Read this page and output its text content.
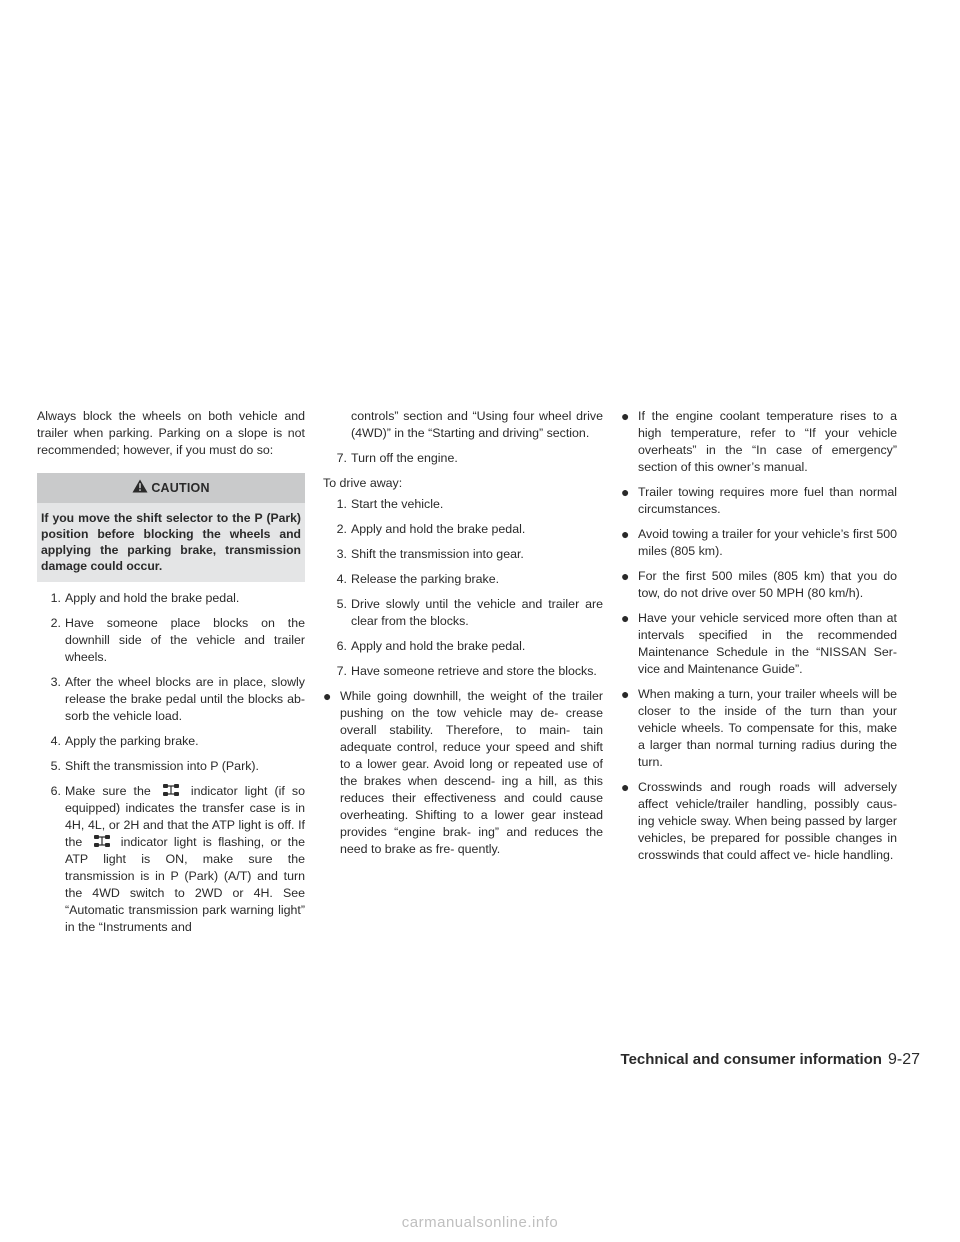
Always block the wheels on both vehicle and trailer when parking. Parking on a slope is not recommended; however, if you must do so:

CAUTION
If you move the shift selector to the P (Park) position before blocking the wheels and applying the parking brake, transmission damage could occur.
1. Apply and hold the brake pedal.
2. Have someone place blocks on the downhill side of the vehicle and trailer wheels.
3. After the wheel blocks are in place, slowly release the brake pedal until the blocks ab- sorb the vehicle load.
4. Apply the parking brake.
5. Shift the transmission into P (Park).
6. Make sure the	indicator light (if so equipped) indicates the transfer case is in 4H, 4L, or 2H and that the ATP light is off. If the	indicator light is flashing, or the ATP light is ON, make sure the transmission is in P (Park) (A/T) and turn the 4WD switch to 2WD or 4H. See “Automatic transmission park warning light” in the “Instruments and
controls” section and “Using four wheel drive (4WD)” in the “Starting and driving” section.
7. Turn off the engine.

To drive away:

1. Start the vehicle.
2. Apply and hold the brake pedal.
3. Shift the transmission into gear.
4. Release the parking brake.
5. Drive slowly until the vehicle and trailer are clear from the blocks.
6. Apply and hold the brake pedal.
7. Have someone retrieve and store the blocks.
● While going downhill, the weight of the trailer pushing on the tow vehicle may de- crease overall stability. Therefore, to main- tain adequate control, reduce your speed and shift to a lower gear. Avoid long or repeated use of the brakes when descend- ing a hill, as this reduces their effectiveness and could cause overheating. Shifting to a lower gear instead provides “engine brak- ing” and reduces the need to brake as fre- quently.
● If the engine coolant temperature rises to a high temperature, refer to “If your vehicle overheats” in the “In case of emergency” section of this owner’s manual.
● Trailer towing requires more fuel than normal circumstances.
● Avoid towing a trailer for your vehicle’s first 500 miles (805 km).
● For the first 500 miles (805 km) that you do tow, do not drive over 50 MPH (80 km/h).
● Have your vehicle serviced more often than at intervals specified in the recommended Maintenance Schedule in the “NISSAN Ser- vice and Maintenance Guide”.
● When making a turn, your trailer wheels will be closer to the inside of the turn than your vehicle wheels. To compensate for this, make a larger than normal turning radius during the turn.
● Crosswinds and rough roads will adversely affect vehicle/trailer handling, possibly caus- ing vehicle sway. When being passed by larger vehicles, be prepared for possible changes in crosswinds that could affect ve- hicle handling.
Technical and consumer information 9-27
carmanualsonline.info
